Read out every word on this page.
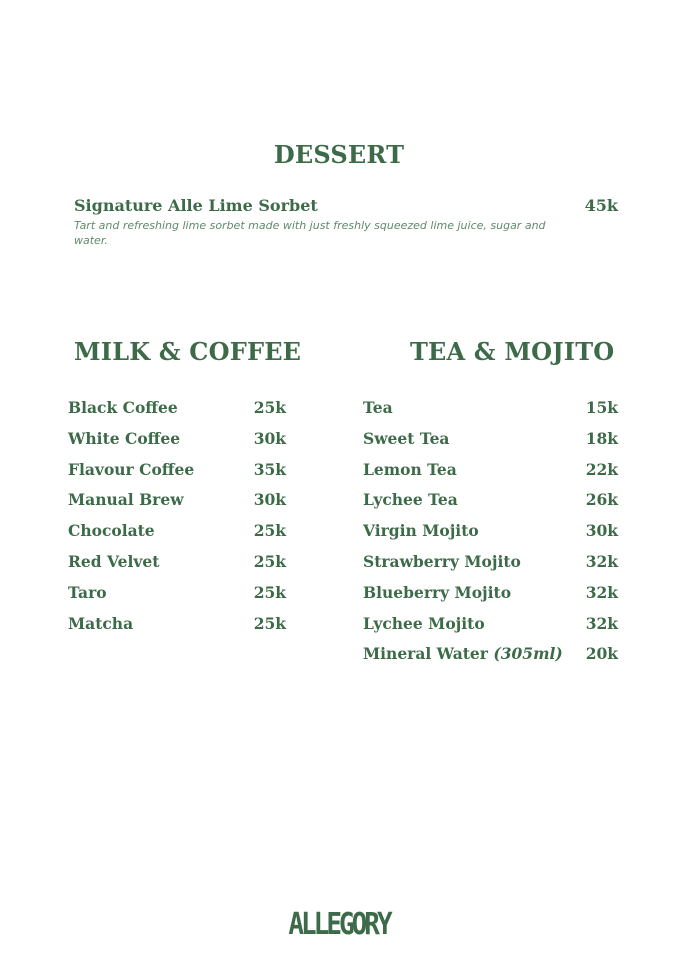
DESSERT
Signature Alle Lime Sorbet	45k
Tart and refreshing lime sorbet made with just freshly squeezed lime juice, sugar and water.
MILK & COFFEE	TEA & MOJITO
Black Coffee	25k
White Coffee	30k
Flavour Coffee	35k
Manual Brew	30k
Chocolate	25k
Red Velvet	25k
Taro	25k
Matcha	25k
Tea	15k
Sweet Tea	18k
Lemon Tea	22k
Lychee Tea	26k
Virgin Mojito	30k
Strawberry Mojito	32k
Blueberry Mojito	32k
Lychee Mojito	32k
Mineral Water (305ml) 20k
ALLEGORY
